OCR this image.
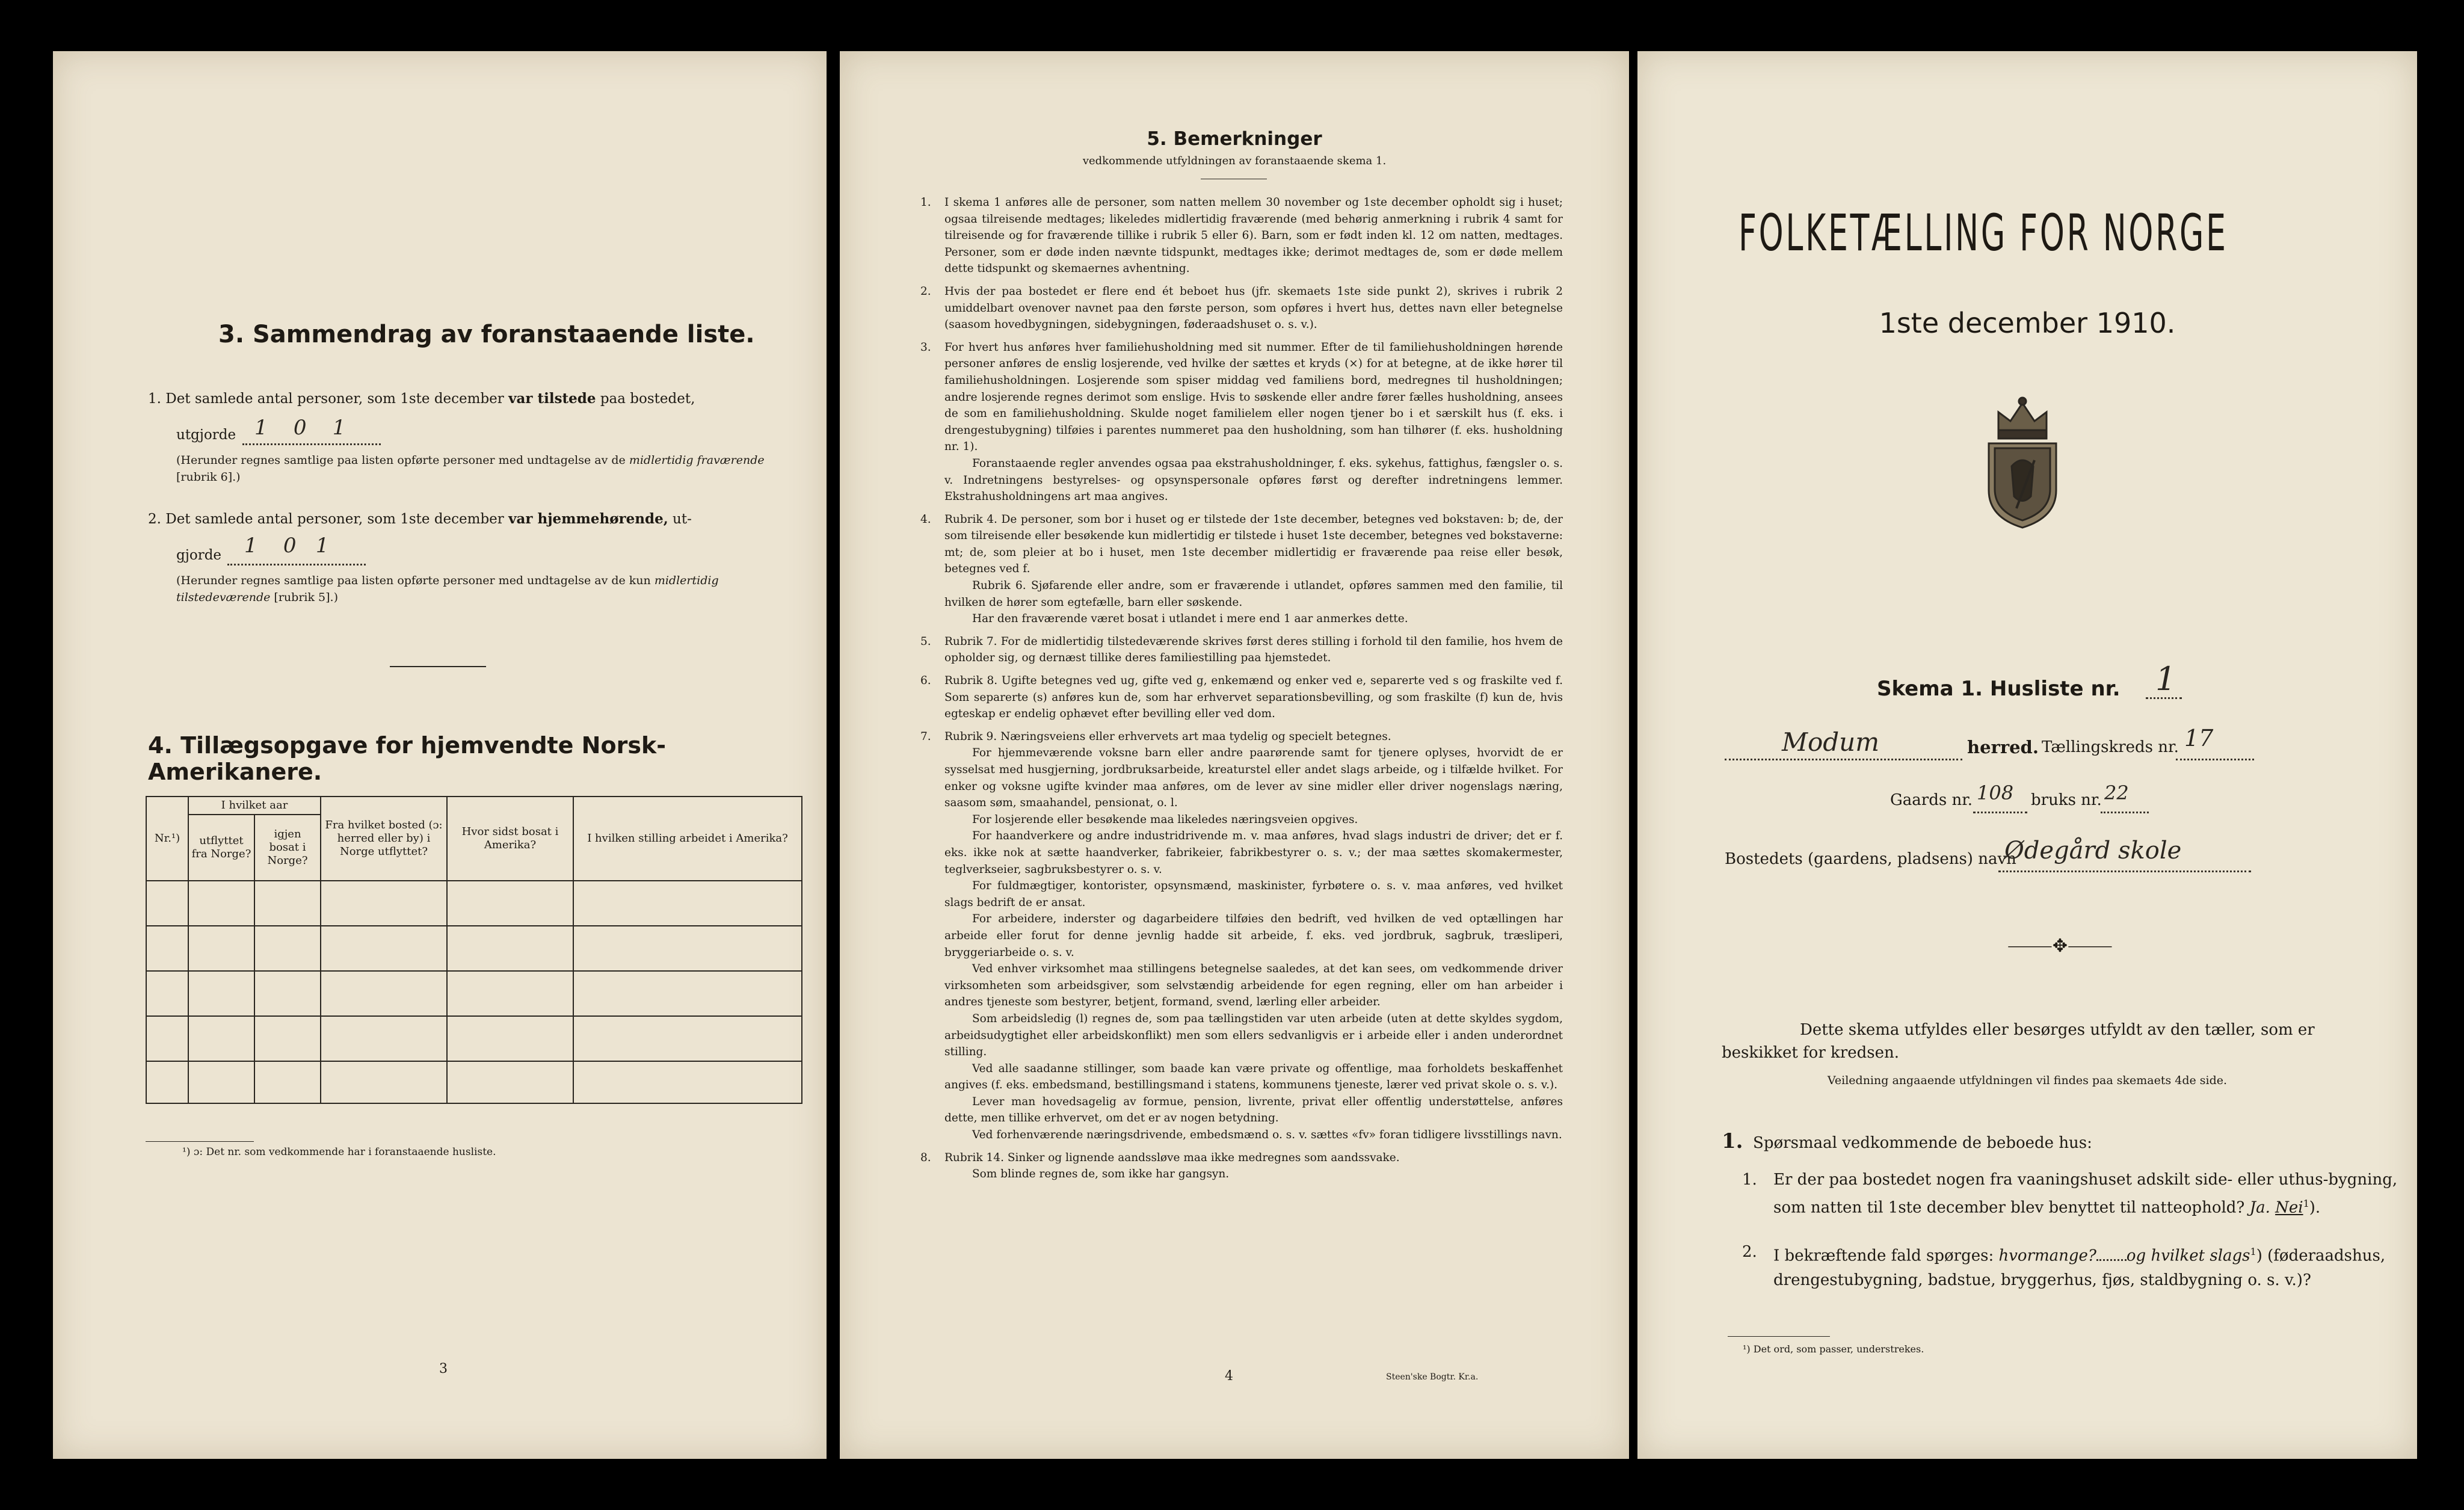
3. Sammendrag av foranstaaende liste.
1. Det samlede antal personer, som 1ste december var tilstede paa bostedet,
utgjorde 1    0    1
(Herunder regnes samtlige paa listen opførte personer med undtagelse av de midlertidig fraværende [rubrik 6].)
2. Det samlede antal personer, som 1ste december var hjemmehørende, ut-
gjorde 1    0   1
(Herunder regnes samtlige paa listen opførte personer med undtagelse av de kun midlertidig tilstedeværende [rubrik 5].)
4. Tillægsopgave for hjemvendte Norsk-Amerikanere.
Nr.¹)	I hvilket aar		Fra hvilket bosted (ɔ: herred eller by) i Norge utflyttet?	Hvor sidst bosat i Amerika?	I hvilken stilling arbeidet i Amerika?
	utflyttet fra Norge?	igjen bosat i Norge?			

¹) ɔ: Det nr. som vedkommende har i foranstaaende husliste.
3
5. Bemerkninger
vedkommende utfyldningen av foranstaaende skema 1.
1. I skema 1 anføres alle de personer, som natten mellem 30 november og 1ste december opholdt sig i huset; ogsaa tilreisende medtages; likeledes midlertidig fraværende (med behørig anmerkning i rubrik 4 samt for tilreisende og for fraværende tillike i rubrik 5 eller 6). Barn, som er født inden kl. 12 om natten, medtages. Personer, som er døde inden nævnte tidspunkt, medtages ikke; derimot medtages de, som er døde mellem dette tidspunkt og skemaernes avhentning.

2. Hvis der paa bostedet er flere end ét beboet hus (jfr. skemaets 1ste side punkt 2), skrives i rubrik 2 umiddelbart ovenover navnet paa den første person, som opføres i hvert hus, dettes navn eller betegnelse (saasom hovedbygningen, sidebygningen, føderaadshuset o. s. v.).

3. For hvert hus anføres hver familiehusholdning med sit nummer. Efter de til familiehusholdningen hørende personer anføres de enslig losjerende, ved hvilke der sættes et kryds (×) for at betegne, at de ikke hører til familiehusholdningen. Losjerende som spiser middag ved familiens bord, medregnes til husholdningen; andre losjerende regnes derimot som enslige. Hvis to søskende eller andre fører fælles husholdning, ansees de som en familiehusholdning. Skulde noget familielem eller nogen tjener bo i et særskilt hus (f. eks. i drengestubygning) tilføies i parentes nummeret paa den husholdning, som han tilhører (f. eks. husholdning nr. 1).

Foranstaaende regler anvendes ogsaa paa ekstrahusholdninger, f. eks. sykehus, fattighus, fængsler o. s. v. Indretningens bestyrelses- og opsynspersonale opføres først og derefter indretningens lemmer. Ekstrahusholdningens art maa angives.

4. Rubrik 4. De personer, som bor i huset og er tilstede der 1ste december, betegnes ved bokstaven: b; de, der som tilreisende eller besøkende kun midlertidig er tilstede i huset 1ste december, betegnes ved bokstaverne: mt; de, som pleier at bo i huset, men 1ste december midlertidig er fraværende paa reise eller besøk, betegnes ved f.

Rubrik 6. Sjøfarende eller andre, som er fraværende i utlandet, opføres sammen med den familie, til hvilken de hører som egtefælle, barn eller søskende.

Har den fraværende været bosat i utlandet i mere end 1 aar anmerkes dette.

5. Rubrik 7. For de midlertidig tilstedeværende skrives først deres stilling i forhold til den familie, hos hvem de opholder sig, og dernæst tillike deres familiestilling paa hjemstedet.

6. Rubrik 8. Ugifte betegnes ved ug, gifte ved g, enkemænd og enker ved e, separerte ved s og fraskilte ved f. Som separerte (s) anføres kun de, som har erhvervet separationsbevilling, og som fraskilte (f) kun de, hvis egteskap er endelig ophævet efter bevilling eller ved dom.

7. Rubrik 9. Næringsveiens eller erhvervets art maa tydelig og specielt betegnes.

For hjemmeværende voksne barn eller andre paarørende samt for tjenere oplyses, hvorvidt de er sysselsat med husgjerning, jordbruksarbeide, kreaturstel eller andet slags arbeide, og i tilfælde hvilket. For enker og voksne ugifte kvinder maa anføres, om de lever av sine midler eller driver nogenslags næring, saasom søm, smaahandel, pensionat, o. l.

For losjerende eller besøkende maa likeledes næringsveien opgives.

For haandverkere og andre industridrivende m. v. maa anføres, hvad slags industri de driver; det er f. eks. ikke nok at sætte haandverker, fabrikeier, fabrikbestyrer o. s. v.; der maa sættes skomakermester, teglverkseier, sagbruksbestyrer o. s. v.

For fuldmægtiger, kontorister, opsynsmænd, maskinister, fyrbøtere o. s. v. maa anføres, ved hvilket slags bedrift de er ansat.

For arbeidere, inderster og dagarbeidere tilføies den bedrift, ved hvilken de ved optællingen har arbeide eller forut for denne jevnlig hadde sit arbeide, f. eks. ved jordbruk, sagbruk, træsliperi, bryggeriarbeide o. s. v.

Ved enhver virksomhet maa stillingens betegnelse saaledes, at det kan sees, om vedkommende driver virksomheten som arbeidsgiver, som selvstændig arbeidende for egen regning, eller om han arbeider i andres tjeneste som bestyrer, betjent, formand, svend, lærling eller arbeider.

Som arbeidsledig (l) regnes de, som paa tællingstiden var uten arbeide (uten at dette skyldes sygdom, arbeidsudygtighet eller arbeidskonflikt) men som ellers sedvanligvis er i arbeide eller i anden underordnet stilling.

Ved alle saadanne stillinger, som baade kan være private og offentlige, maa forholdets beskaffenhet angives (f. eks. embedsmand, bestillingsmand i statens, kommunens tjeneste, lærer ved privat skole o. s. v.).

Lever man hovedsagelig av formue, pension, livrente, privat eller offentlig understøttelse, anføres dette, men tillike erhvervet, om det er av nogen betydning.

Ved forhenværende næringsdrivende, embedsmænd o. s. v. sættes «fv» foran tidligere livsstillings navn.

8. Rubrik 14. Sinker og lignende aandssløve maa ikke medregnes som aandssvake.

Som blinde regnes de, som ikke har gangsyn.

4	Steen'ske Bogtr. Kr.a.
FOLKETÆLLING FOR NORGE
1ste december 1910.
Skema 1. Husliste nr. 1
Modum	herred. Tællingskreds nr. 17
Gaards nr. 108 bruks nr. 22
Bostedets (gaardens, pladsens) navn
Ødegård skole
⸻✥⸻
Dette skema utfyldes eller besørges utfyldt av den tæller, som er beskikket for kredsen.
Veiledning angaaende utfyldningen vil findes paa skemaets 4de side.
1. Spørsmaal vedkommende de beboede hus:
1. Er der paa bostedet nogen fra vaaningshuset adskilt side- eller uthus-bygning, som natten til 1ste december blev benyttet til natteophold? Ja. Nei$^1$).
2. I bekræftende fald spørges: hvormange? og hvilket slags$^1$) (føderaadshus, drengestubygning, badstue, bryggerhus, fjøs, staldbygning o. s. v.)?
¹) Det ord, som passer, understrekes.
